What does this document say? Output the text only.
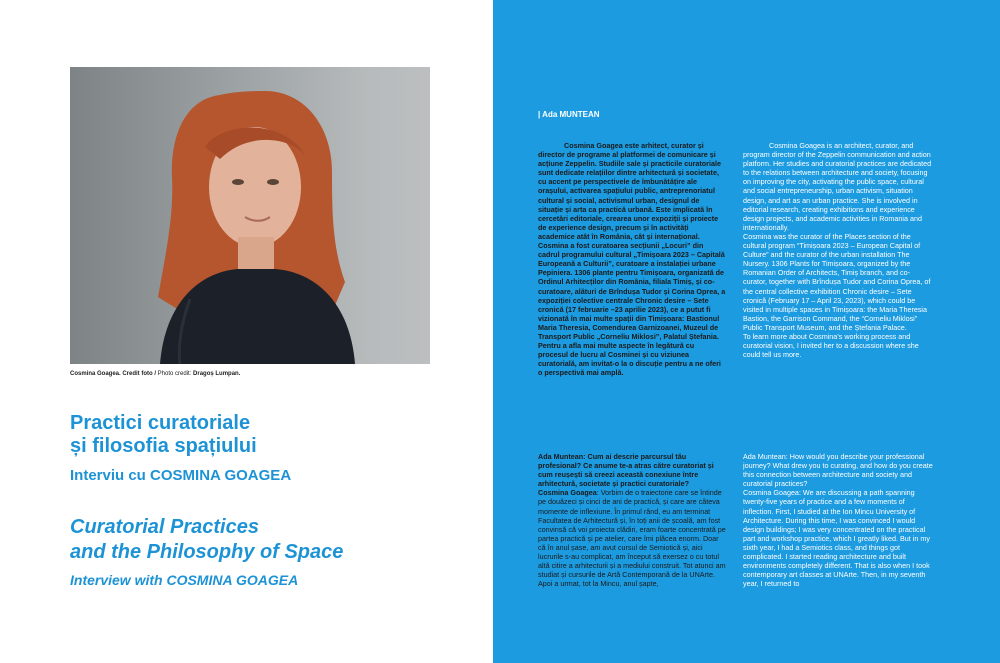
Cosmina Goagea. Credit foto / Photo credit: Dragoș Lumpan.
Practici curatoriale
și filosofia spațiului
Interviu cu COSMINA GOAGEA
Curatorial Practices
and the Philosophy of Space
Interview with COSMINA GOAGEA
| Ada MUNTEAN

Cosmina Goagea este arhitect, curator și director de programe al platformei de comunicare și acțiune Zeppelin. Studiile sale și practicile curatoriale sunt dedicate relațiilor dintre arhitectură și societate, cu accent pe perspectivele de îmbunătățire ale orașului, activarea spațiului public, antreprenoriatul cultural și social, activismul urban, designul de situație și arta ca practică urbană. Este implicată în cercetări editoriale, crearea unor expoziții și proiecte de experience design, precum și în activități academice atât în România, cât și internațional.

Cosmina a fost curatoarea secțiunii „Locuri” din cadrul programului cultural „Timișoara 2023 – Capitală Europeană a Culturii”, curatoare a instalației urbane Pepiniera. 1306 plante pentru Timișoara, organizată de Ordinul Arhitecților din România, filiala Timiș, și co-curatoare, alături de Brîndușa Tudor și Corina Oprea, a expoziției colective centrale Chronic desire – Sete cronică (17 februarie –23 aprilie 2023), ce a putut fi vizionată în mai multe spații din Timișoara: Bastionul Maria Theresia, Comendurea Garnizoanei, Muzeul de Transport Public „Corneliu Miklosi”, Palatul Ștefania.

Pentru a afla mai multe aspecte în legătură cu procesul de lucru al Cosminei și cu viziunea curatorială, am invitat-o la o discuție pentru a ne oferi o perspectivă mai amplă.

Cosmina Goagea is an architect, curator, and program director of the Zeppelin communication and action platform. Her studies and curatorial practices are dedicated to the relations between architecture and society, focusing on improving the city, activating the public space, cultural and social entrepreneurship, urban activism, situation design, and art as an urban practice. She is involved in editorial research, creating exhibitions and experience design projects, and academic activities in Romania and internationally.

Cosmina was the curator of the Places section of the cultural program “Timișoara 2023 – European Capital of Culture” and the curator of the urban installation The Nursery. 1306 Plants for Timișoara, organized by the Romanian Order of Architects, Timiș branch, and co-curator, together with Brîndușa Tudor and Corina Oprea, of the central collective exhibition Chronic desire – Sete cronică (February 17 – April 23, 2023), which could be visited in multiple spaces in Timișoara: the Maria Theresia Bastion, the Garrison Command, the “Corneliu Miklosi” Public Transport Museum, and the Ștefania Palace.

To learn more about Cosmina’s working process and curatorial vision, I invited her to a discussion where she could tell us more.

Ada Muntean: Cum ai descrie parcursul tău profesional? Ce anume te-a atras către curatoriat și cum reușești să creezi această conexiune între arhitectură, societate și practici curatoriale?

Cosmina Goagea: Vorbim de o traiectorie care se întinde pe douăzeci și cinci de ani de practică, și care are câteva momente de inflexiune. În primul rând, eu am terminat Facultatea de Arhitectură și, în toți anii de școală, am fost convinsă că voi proiecta clădiri, eram foarte concentrată pe partea practică și pe atelier, care îmi plăcea enorm. Doar că în anul șase, am avut cursul de Semiotică și, aici lucrurile s-au complicat, am început să exersez o cu totul altă citire a arhitecturii și a mediului construit. Tot atunci am studiat și cursurile de Artă Contemporană de la UNArte. Apoi a urmat, tot la Mincu, anul șapte,

Ada Muntean: How would you describe your professional journey? What drew you to curating, and how do you create this connection between architecture and society and curatorial practices?

Cosmina Goagea: We are discussing a path spanning twenty-five years of practice and a few moments of inflection. First, I studied at the Ion Mincu University of Architecture. During this time, I was convinced I would design buildings; I was very concentrated on the practical part and workshop practice, which I greatly liked. But in my sixth year, I had a Semiotics class, and things got complicated. I started reading architecture and built environments completely different. That is also when I took contemporary art classes at UNArte. Then, in my seventh year, I returned to
